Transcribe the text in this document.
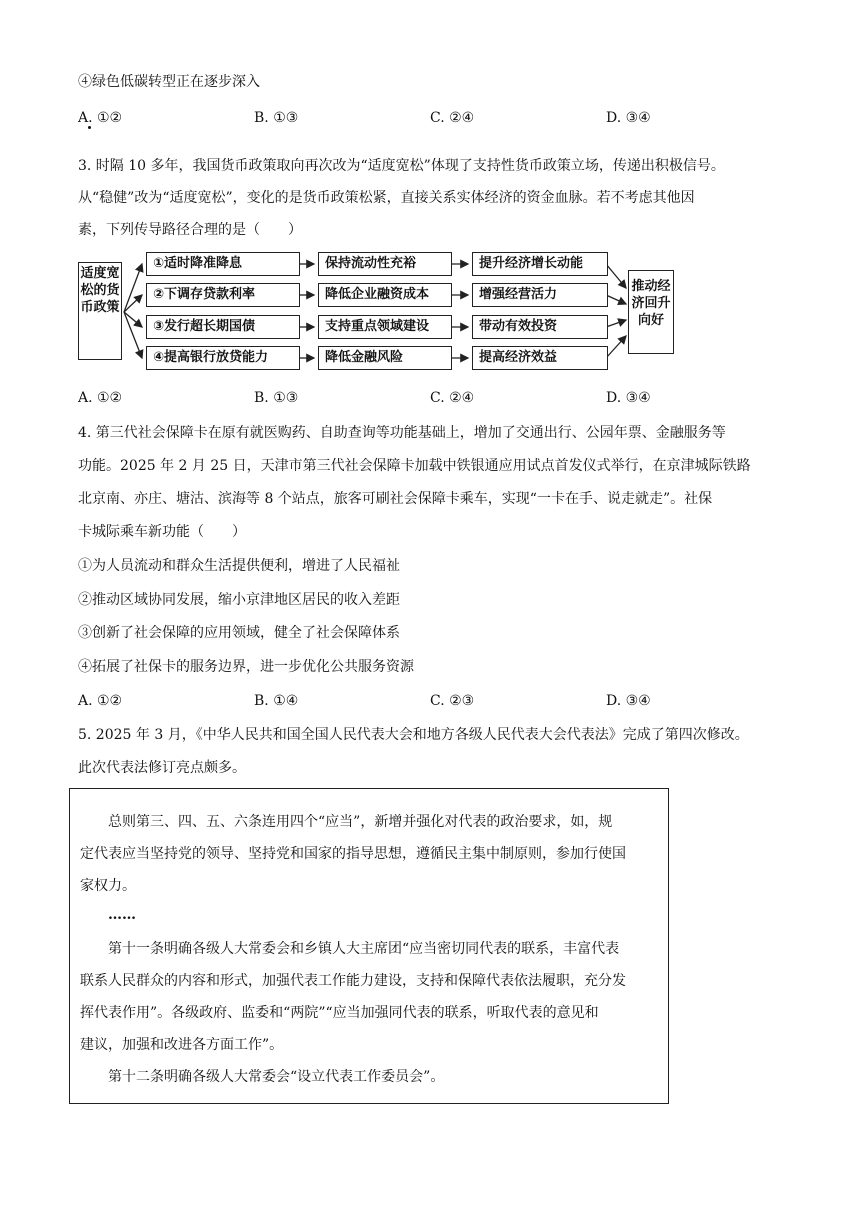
④绿色低碳转型正在逐步深入
A. ①②	B. ①③	C. ②④	D. ③④
3. 时隔 10 多年，我国货币政策取向再次改为“适度宽松”体现了支持性货币政策立场，传递出积极信号。
从“稳健”改为“适度宽松”，变化的是货币政策松紧，直接关系实体经济的资金血脉。若不考虑其他因
素，下列传导路径合理的是（　　）
适度宽松的货币政策
①适时降准降息	保持流动性充裕	提升经济增长动能
②下调存贷款利率	降低企业融资成本	增强经营活力
③发行超长期国债	支持重点领域建设	带动有效投资
④提高银行放贷能力	降低金融风险	提高经济效益
推动经济回升向好
A. ①②	B. ①③	C. ②④	D. ③④
4. 第三代社会保障卡在原有就医购药、自助查询等功能基础上，增加了交通出行、公园年票、金融服务等
功能。2025 年 2 月 25 日，天津市第三代社会保障卡加载中铁银通应用试点首发仪式举行，在京津城际铁路
北京南、亦庄、塘沽、滨海等 8 个站点，旅客可刷社会保障卡乘车，实现“一卡在手、说走就走”。社保
卡城际乘车新功能（　　）
①为人员流动和群众生活提供便利，增进了人民福祉
②推动区域协同发展，缩小京津地区居民的收入差距
③创新了社会保障的应用领域，健全了社会保障体系
④拓展了社保卡的服务边界，进一步优化公共服务资源
A. ①②	B. ①④	C. ②③	D. ③④
5. 2025 年 3 月，《中华人民共和国全国人民代表大会和地方各级人民代表大会代表法》完成了第四次修改。
此次代表法修订亮点颇多。
总则第三、四、五、六条连用四个“应当”，新增并强化对代表的政治要求，如，规
定代表应当坚持党的领导、坚持党和国家的指导思想，遵循民主集中制原则，参加行使国
家权力。
……
第十一条明确各级人大常委会和乡镇人大主席团“应当密切同代表的联系，丰富代表
联系人民群众的内容和形式，加强代表工作能力建设，支持和保障代表依法履职，充分发
挥代表作用”。各级政府、监委和“两院”“应当加强同代表的联系，听取代表的意见和
建议，加强和改进各方面工作”。
第十二条明确各级人大常委会“设立代表工作委员会”。
